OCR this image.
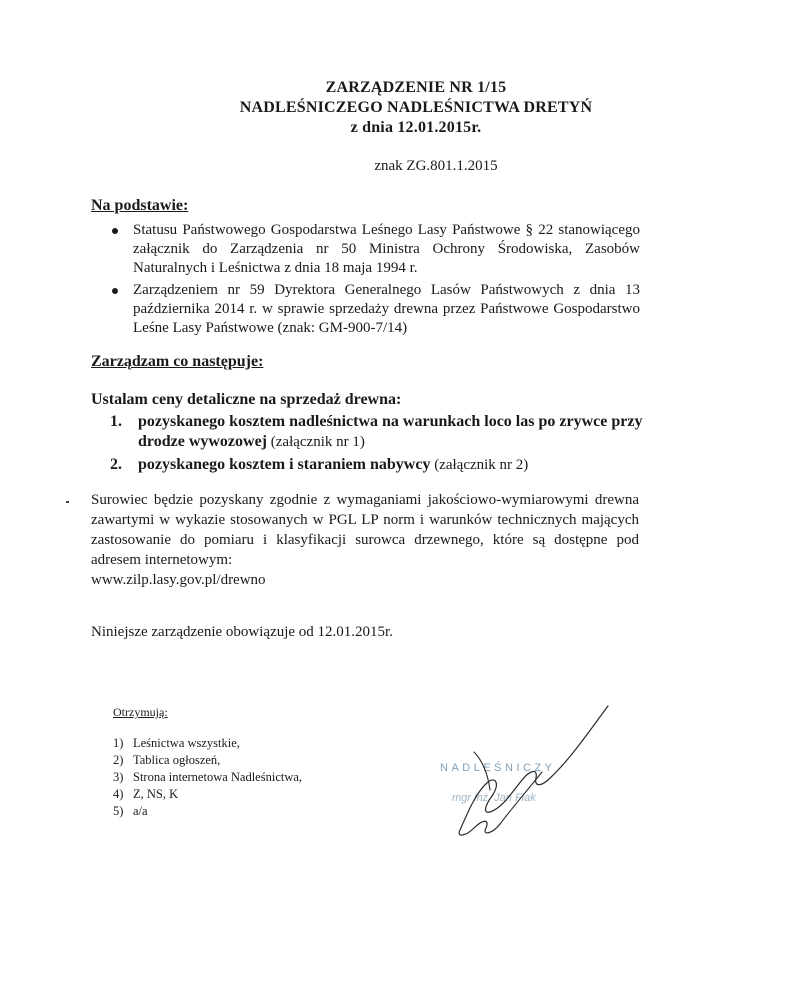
ZARZĄDZENIE NR 1/15
NADLEŚNICZEGO NADLEŚNICTWA DRETYŃ
z dnia 12.01.2015r.
znak ZG.801.1.2015
Na podstawie:
Statusu Państwowego Gospodarstwa Leśnego Lasy Państwowe § 22 stanowiącego załącznik do Zarządzenia nr 50 Ministra Ochrony Środowiska, Zasobów Naturalnych i Leśnictwa z dnia 18 maja 1994 r.
Zarządzeniem nr 59 Dyrektora Generalnego Lasów Państwowych z dnia 13 października 2014 r. w sprawie sprzedaży drewna przez Państwowe Gospodarstwo Leśne Lasy Państwowe (znak: GM-900-7/14)
Zarządzam co następuje:
Ustalam ceny detaliczne na sprzedaż drewna:
1. pozyskanego kosztem nadleśnictwa na warunkach loco las po zrywce przy drodze wywozowej (załącznik nr 1)
2. pozyskanego kosztem i staraniem nabywcy (załącznik nr 2)
Surowiec będzie pozyskany zgodnie z wymaganiami jakościowo-wymiarowymi drewna zawartymi w wykazie stosowanych w PGL LP norm i warunków technicznych mających zastosowanie do pomiaru i klasyfikacji surowca drzewnego, które są dostępne pod adresem internetowym:
www.zilp.lasy.gov.pl/drewno
Niniejsze zarządzenie obowiązuje od 12.01.2015r.
Otrzymują:
1) Leśnictwa wszystkie,
2) Tablica ogłoszeń,
3) Strona internetowa Nadleśnictwa,
4) Z, NS, K
5) a/a
NADLEŚNICZY
mgr inż. Jan Flak
